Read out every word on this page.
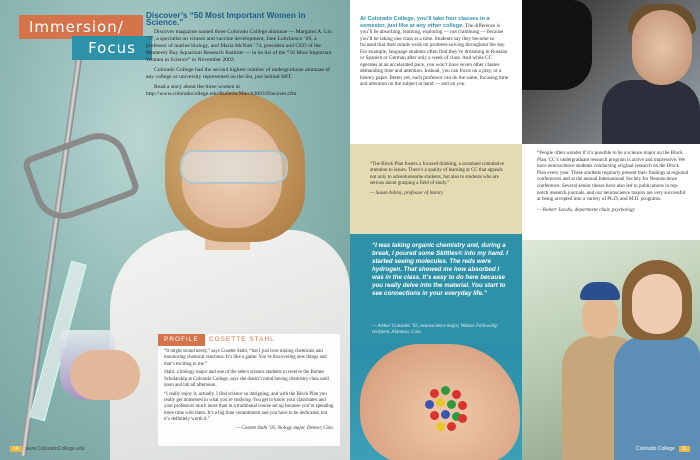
Immersion/
Focus
Discover’s “50 Most Important Women in Science.”

Discover magazine named three Colorado College alumnae — Margaret A. Liu ’77, a specialist on viruses and vaccine development, Jane Lubchenco ’69, a professor of marine biology, and Maria McNutt ’74, president and CEO of the Monterey Bay Aquarium Research Institute — in its list of the “50 Most Important Women in Science” in November 2002.

Colorado College had the second highest number of undergraduate alumnae of any college or university represented on the list, just behind MIT.

Read a story about the three women at http://www.coloradocollege.edu/Bulletin/March2003/Discover.cfm

PROFILE COSETTE STAHL

“It might sound nerdy,” says Cosette Stahl, “but I just love mixing chemicals and monitoring chemical reactions. It’s like a game: You’re discovering new things and that’s exciting to me.”

Stahl, a biology major and one of the select science students to receive the Barnes Scholarship at Colorado College, says she doesn’t mind having chemistry class until noon and lab all afternoon.

“I really enjoy it, actually. I find science so intriguing, and with the Block Plan you really get immersed in what you’re studying. You get to know your classmates and your professors much more than in a traditional course set up because you’re spending more time with them. It’s a big time commitment and you have to be dedicated, but it’s definitely worth it.”

— Cosette Stahl ’05, biology major, Denver, Colo.

10 www.ColoradoCollege.edu
At Colorado College, you’ll take four classes in a semester, just like at any other college. The difference is you’ll be absorbing, learning, exploring — not cramming — because you’ll be taking one class at a time. Students say they become so focused that their minds work on problem-solving throughout the day. For example, language students often find they’re dreaming in Russian or Spanish or German after only a week of class. And while CC operates at an accelerated pace, you won’t have seven other classes demanding time and attention. Instead, you can focus on a play, or a history paper. Better yet, each professor can do the same, focusing time and attention on the subject at hand — and on you.
“The Block Plan fosters a focused thinking, a sustained cumulative attention to issues. There’s a quality of learning at CC that appeals not only to adventuresome students, but also to students who are serious about grasping a field of study.”
— Susan Ashley, professor of history
“I was taking organic chemistry and, during a break, I poured some Skittles® into my hand. I started seeing molecules. The reds were hydrogen. That showed me how absorbed I was in the class. It’s easy to do here because you really delve into the material. You start to see connections in your everyday life.”
— Arthur Gonzales ’02, neuroscience major, Watson Fellowship recipient, Alamosa, Colo.

“People often wonder if it’s possible to be a science major on the Block Plan. CC’s undergraduate research program is active and impressive. We have neuroscience students conducting original research on the Block Plan every year. These students regularly present their findings at regional conferences and at the annual International Society for Neuroscience conference. Several senior theses have also led to publications in top-notch research journals, and our neuroscience majors are very successful at being accepted into a variety of Ph.D. and M.D. programs.

— Robert Jacobs, department chair, psychology
Colorado College 11
